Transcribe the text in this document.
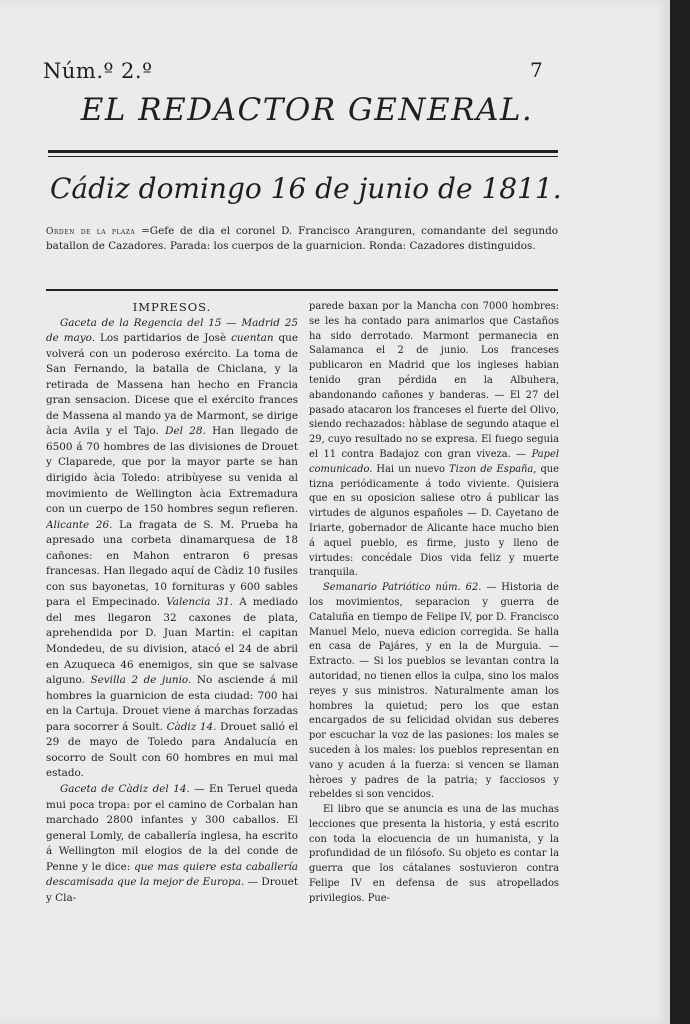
Núm.º 2.º	7
EL REDACTOR GENERAL.
Cádiz domingo 16 de junio de 1811.
Orden de la plaza =Gefe de dia el coronel D. Francisco Aranguren, comandante del segundo batallon de Cazadores. Parada: los cuerpos de la guarnicion. Ronda: Cazadores distinguidos.

IMPRESOS.

Gaceta de la Regencia del 15 — Madrid 25 de mayo. Los partidarios de Josè cuentan que volverá con un poderoso exército. La toma de San Fernando, la batalla de Chiclana, y la retirada de Massena han hecho en Francia gran sensacion. Dicese que el exército frances de Massena al mando ya de Marmont, se dirige àcia Avila y el Tajo. Del 28. Han llegado de 6500 á 70 hombres de las divisiones de Drouet y Claparede, que por la mayor parte se han dirigido àcia Toledo: atribùyese su venida al movimiento de Wellington àcia Extremadura con un cuerpo de 150 hombres segun refieren. Alicante 26. La fragata de S. M. Prueba ha apresado una corbeta dinamarquesa de 18 cañones: en Mahon entraron 6 presas francesas. Han llegado aquí de Càdiz 10 fusiles con sus bayonetas, 10 fornituras y 600 sables para el Empecinado. Valencia 31. A mediado del mes llegaron 32 caxones de plata, aprehendida por D. Juan Martin: el capitan Mondedeu, de su division, atacó el 24 de abril en Azuqueca 46 enemigos, sin que se salvase alguno. Sevilla 2 de junio. No asciende á mil hombres la guarnicion de esta ciudad: 700 hai en la Cartuja. Drouet viene á marchas forzadas para socorrer á Soult. Càdiz 14. Drouet salió el 29 de mayo de Toledo para Andalucía en socorro de Soult con 60 hombres en mui mal estado.

Gaceta de Càdiz del 14. — En Teruel queda mui poca tropa: por el camino de Corbalan han marchado 2800 infantes y 300 caballos. El general Lomly, de caballería inglesa, ha escrito á Wellington mil elogios de la del conde de Penne y le dice: que mas quiere esta caballería descamisada que la mejor de Europa. — Drouet y Cla-

parede baxan por la Mancha con 7000 hombres: se les ha contado para animarlos que Castaños ha sido derrotado. Marmont permanecia en Salamanca el 2 de junio. Los franceses publicaron en Madrid que los ingleses habian tenido gran pérdida en la Albuhera, abandonando cañones y banderas. — El 27 del pasado atacaron los franceses el fuerte del Olivo, siendo rechazados: hàblase de segundo ataque el 29, cuyo resultado no se expresa. El fuego seguia el 11 contra Badajoz con gran viveza. — Papel comunicado. Hai un nuevo Tizon de España, que tizna periódicamente á todo viviente. Quisiera que en su oposicion saliese otro á publicar las virtudes de algunos españoles — D. Cayetano de Iriarte, gobernador de Alicante hace mucho bien á aquel pueblo, es firme, justo y lleno de virtudes: concédale Dios vida feliz y muerte tranquila.

Semanario Patriótico núm. 62. — Historia de los movimientos, separacion y guerra de Cataluña en tiempo de Felipe IV, por D. Francisco Manuel Melo, nueva edicion corregida. Se halla en casa de Pajáres, y en la de Murguia. — Extracto. — Si los pueblos se levantan contra la autoridad, no tienen ellos la culpa, sino los malos reyes y sus ministros. Naturalmente aman los hombres la quietud; pero los que estan encargados de su felicidad olvidan sus deberes por escuchar la voz de las pasiones: los males se suceden à los males: los pueblos representan en vano y acuden á la fuerza: si vencen se llaman hèroes y padres de la patria; y facciosos y rebeldes si son vencidos.

El libro que se anuncia es una de las muchas lecciones que presenta la historia, y está escrito con toda la elocuencia de un humanista, y la profundidad de un filósofo. Su objeto es contar la guerra que los cátalanes sostuvieron contra Felipe IV en defensa de sus atropellados privilegios. Pue-
